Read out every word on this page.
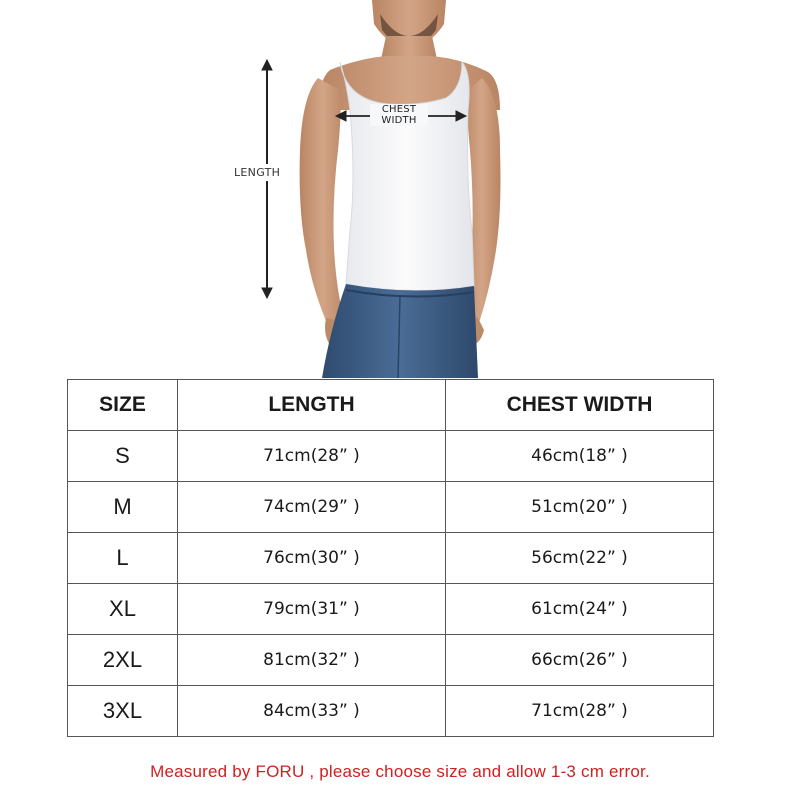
LENGTH
CHEST
WIDTH
SIZE	LENGTH	CHEST WIDTH
S	71cm(28” )	46cm(18” )
M	74cm(29” )	51cm(20” )
L	76cm(30” )	56cm(22” )
XL	79cm(31” )	61cm(24” )
2XL	81cm(32” )	66cm(26” )
3XL	84cm(33” )	71cm(28” )
Measured by FORU , please choose size and allow 1-3 cm error.
